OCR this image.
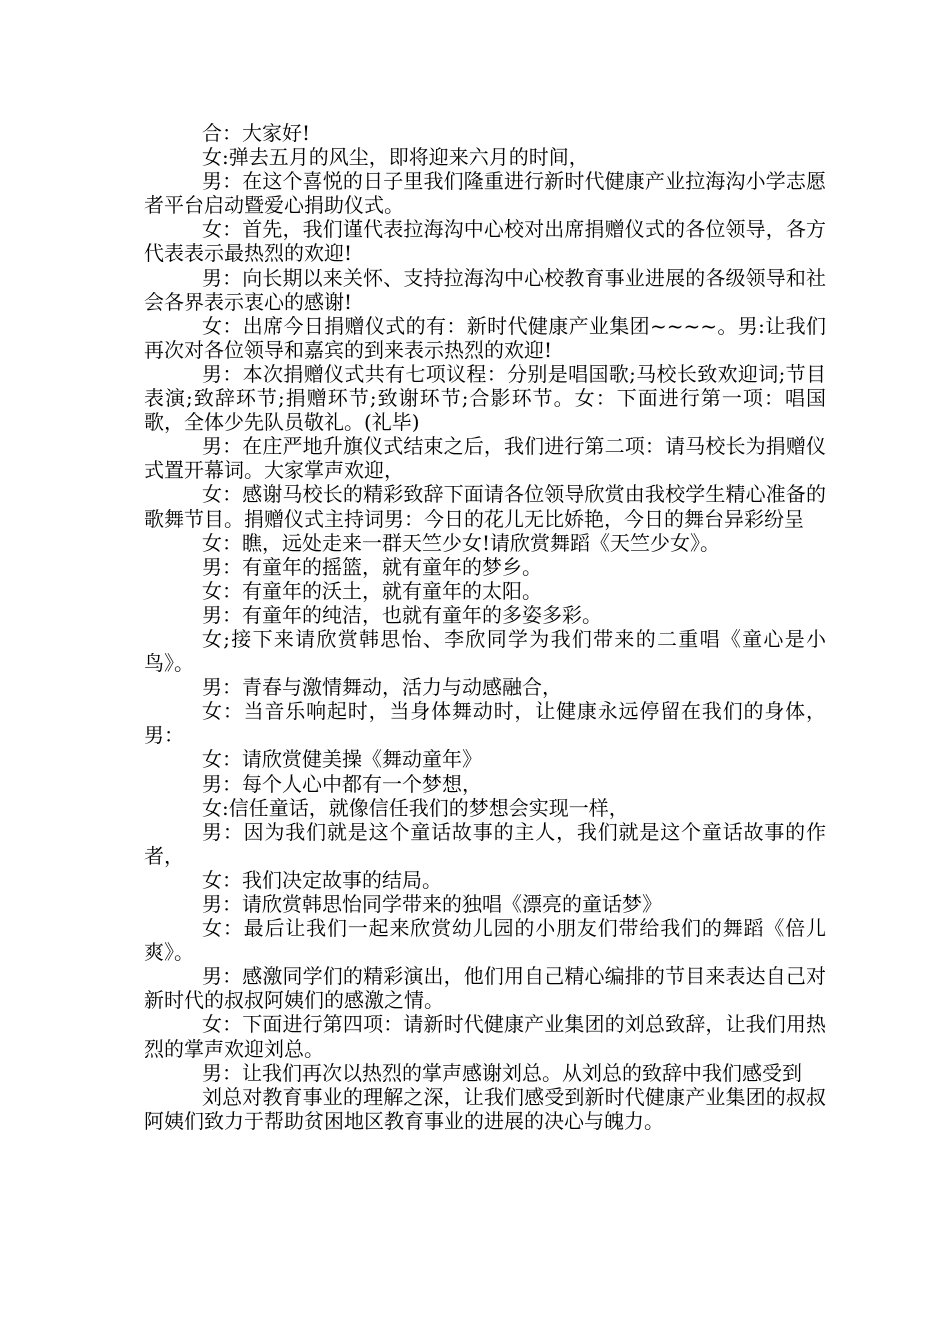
合：大家好!

女:弹去五月的风尘，即将迎来六月的时间，

男：在这个喜悦的日子里我们隆重进行新时代健康产业拉海沟小学志愿者平台启动暨爱心捐助仪式。

女：首先，我们谨代表拉海沟中心校对出席捐赠仪式的各位领导，各方代表表示最热烈的欢迎!

男：向长期以来关怀、支持拉海沟中心校教育事业进展的各级领导和社会各界表示衷心的感谢!

女：出席今日捐赠仪式的有：新时代健康产业集团~~~~。男:让我们再次对各位领导和嘉宾的到来表示热烈的欢迎!

男：本次捐赠仪式共有七项议程：分别是唱国歌;马校长致欢迎词;节目表演;致辞环节;捐赠环节;致谢环节;合影环节。女：下面进行第一项：唱国歌，全体少先队员敬礼。(礼毕)

男：在庄严地升旗仪式结束之后，我们进行第二项：请马校长为捐赠仪式置开幕词。大家掌声欢迎，

女：感谢马校长的精彩致辞下面请各位领导欣赏由我校学生精心准备的歌舞节目。捐赠仪式主持词男：今日的花儿无比娇艳，今日的舞台异彩纷呈

女：瞧，远处走来一群天竺少女!请欣赏舞蹈《天竺少女》。

男：有童年的摇篮，就有童年的梦乡。

女：有童年的沃土，就有童年的太阳。

男：有童年的纯洁，也就有童年的多姿多彩。

女;接下来请欣赏韩思怡、李欣同学为我们带来的二重唱《童心是小鸟》。

男：青春与激情舞动，活力与动感融合，

女：当音乐响起时，当身体舞动时，让健康永远停留在我们的身体，男：

女：请欣赏健美操《舞动童年》

男：每个人心中都有一个梦想，

女:信任童话，就像信任我们的梦想会实现一样，

男：因为我们就是这个童话故事的主人，我们就是这个童话故事的作者，

女：我们决定故事的结局。

男：请欣赏韩思怡同学带来的独唱《漂亮的童话梦》

女：最后让我们一起来欣赏幼儿园的小朋友们带给我们的舞蹈《倍儿爽》。

男：感激同学们的精彩演出，他们用自己精心编排的节目来表达自己对新时代的叔叔阿姨们的感激之情。

女：下面进行第四项：请新时代健康产业集团的刘总致辞，让我们用热烈的掌声欢迎刘总。

男：让我们再次以热烈的掌声感谢刘总。从刘总的致辞中我们感受到

刘总对教育事业的理解之深，让我们感受到新时代健康产业集团的叔叔阿姨们致力于帮助贫困地区教育事业的进展的决心与魄力。
